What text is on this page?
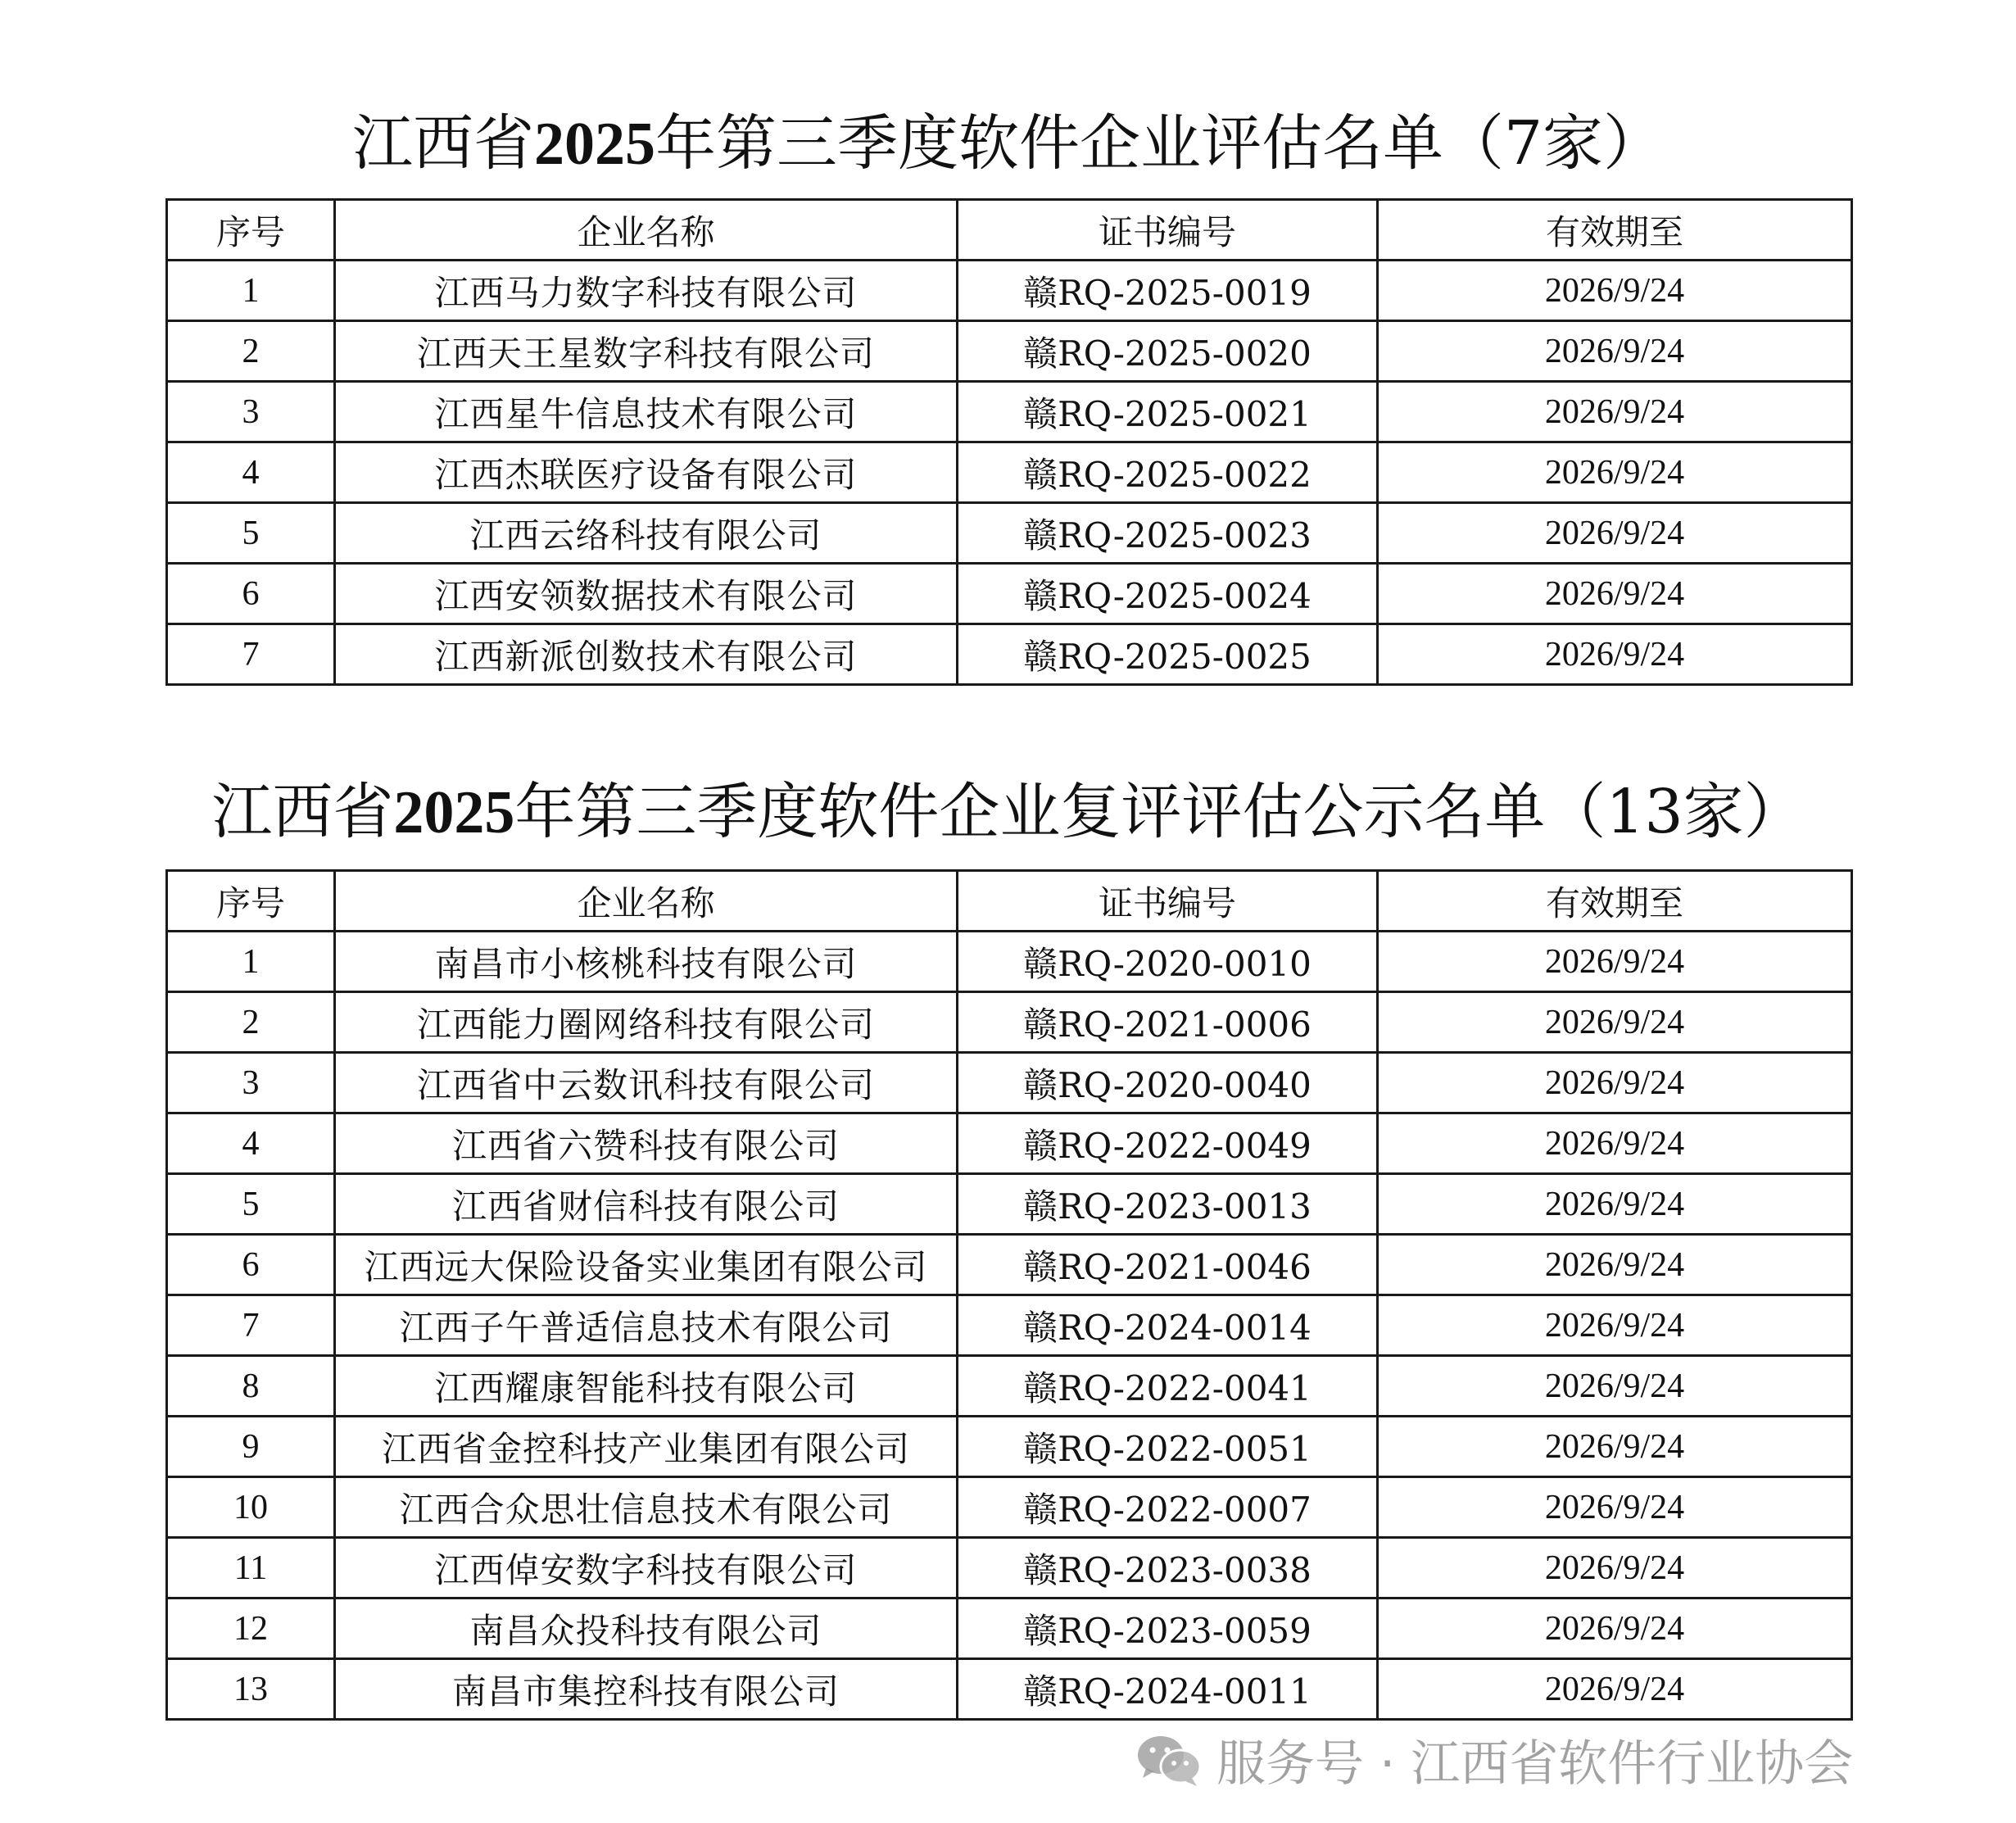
江西省2025年第三季度软件企业评估名单（7家）
序号	企业名称	证书编号	有效期至
1	江西马力数字科技有限公司	赣RQ-2025-0019	2026/9/24
2	江西天王星数字科技有限公司	赣RQ-2025-0020	2026/9/24
3	江西星牛信息技术有限公司	赣RQ-2025-0021	2026/9/24
4	江西杰联医疗设备有限公司	赣RQ-2025-0022	2026/9/24
5	江西云络科技有限公司	赣RQ-2025-0023	2026/9/24
6	江西安领数据技术有限公司	赣RQ-2025-0024	2026/9/24
7	江西新派创数技术有限公司	赣RQ-2025-0025	2026/9/24
江西省2025年第三季度软件企业复评评估公示名单（13家）
序号	企业名称	证书编号	有效期至
1	南昌市小核桃科技有限公司	赣RQ-2020-0010	2026/9/24
2	江西能力圈网络科技有限公司	赣RQ-2021-0006	2026/9/24
3	江西省中云数讯科技有限公司	赣RQ-2020-0040	2026/9/24
4	江西省六赞科技有限公司	赣RQ-2022-0049	2026/9/24
5	江西省财信科技有限公司	赣RQ-2023-0013	2026/9/24
6	江西远大保险设备实业集团有限公司	赣RQ-2021-0046	2026/9/24
7	江西子午普适信息技术有限公司	赣RQ-2024-0014	2026/9/24
8	江西耀康智能科技有限公司	赣RQ-2022-0041	2026/9/24
9	江西省金控科技产业集团有限公司	赣RQ-2022-0051	2026/9/24
10	江西合众思壮信息技术有限公司	赣RQ-2022-0007	2026/9/24
11	江西倬安数字科技有限公司	赣RQ-2023-0038	2026/9/24
12	南昌众投科技有限公司	赣RQ-2023-0059	2026/9/24
13	南昌市集控科技有限公司	赣RQ-2024-0011	2026/9/24
服务号 · 江西省软件行业协会
